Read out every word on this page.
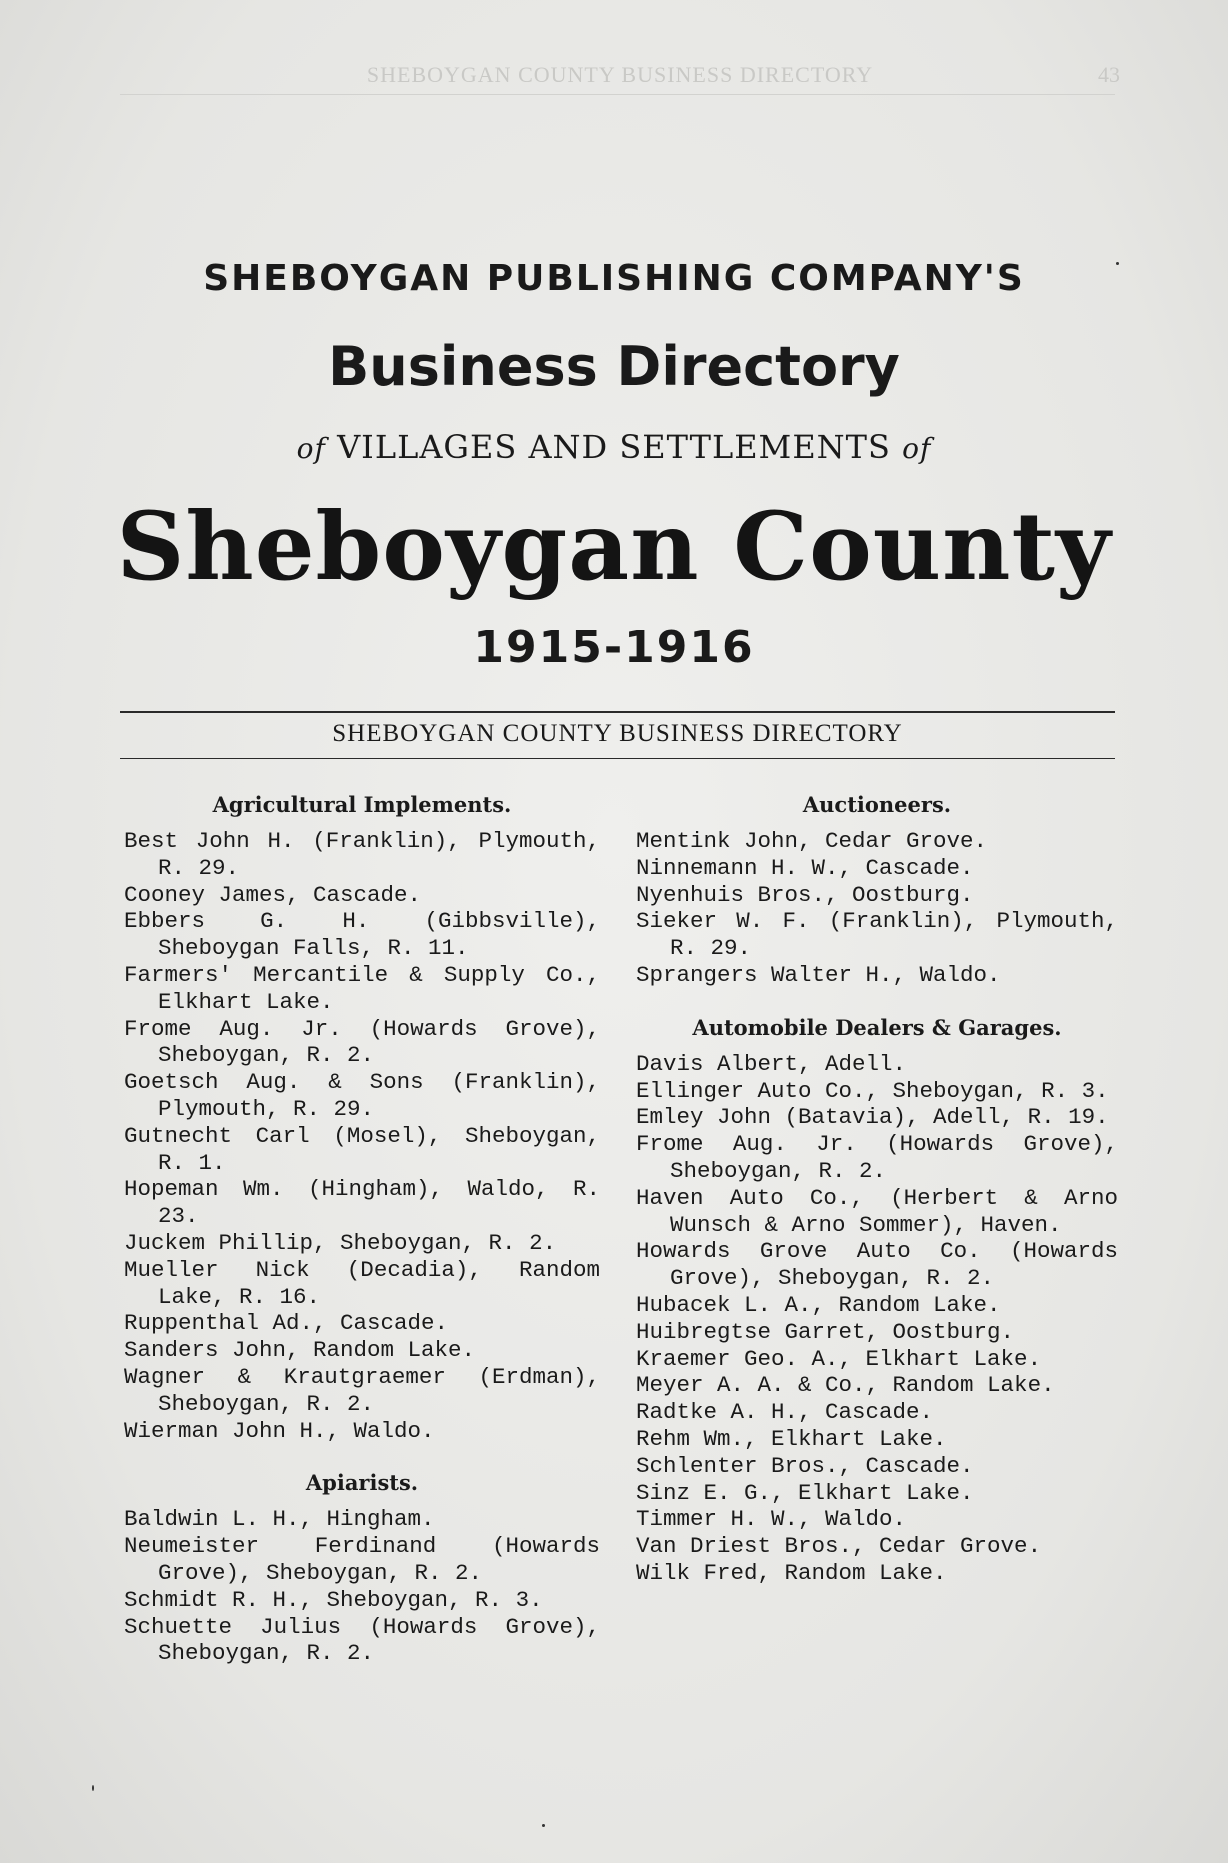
SHEBOYGAN COUNTY BUSINESS DIRECTORY	43
SHEBOYGAN PUBLISHING COMPANY'S
Business Directory
of VILLAGES AND SETTLEMENTS of
Sheboygan County
1915-1916
SHEBOYGAN COUNTY BUSINESS DIRECTORY
Agricultural Implements.

Best John H. (Franklin), Plymouth, R. 29.

Cooney James, Cascade.

Ebbers G. H. (Gibbsville), Sheboygan Falls, R. 11.

Farmers' Mercantile & Supply Co., Elkhart Lake.

Frome Aug. Jr. (Howards Grove), Sheboygan, R. 2.

Goetsch Aug. & Sons (Franklin), Plymouth, R. 29.

Gutnecht Carl (Mosel), Sheboygan, R. 1.

Hopeman Wm. (Hingham), Waldo, R. 23.

Juckem Phillip, Sheboygan, R. 2.

Mueller Nick (Decadia), Random Lake, R. 16.

Ruppenthal Ad., Cascade.

Sanders John, Random Lake.

Wagner & Krautgraemer (Erdman), Sheboygan, R. 2.

Wierman John H., Waldo.

Apiarists.

Baldwin L. H., Hingham.

Neumeister Ferdinand (Howards Grove), Sheboygan, R. 2.

Schmidt R. H., Sheboygan, R. 3.

Schuette Julius (Howards Grove), Sheboygan, R. 2.

Auctioneers.

Mentink John, Cedar Grove.

Ninnemann H. W., Cascade.

Nyenhuis Bros., Oostburg.

Sieker W. F. (Franklin), Plymouth, R. 29.

Sprangers Walter H., Waldo.

Automobile Dealers & Garages.

Davis Albert, Adell.

Ellinger Auto Co., Sheboygan, R. 3.

Emley John (Batavia), Adell, R. 19.

Frome Aug. Jr. (Howards Grove), Sheboygan, R. 2.

Haven Auto Co., (Herbert & Arno Wunsch & Arno Sommer), Haven.

Howards Grove Auto Co. (Howards Grove), Sheboygan, R. 2.

Hubacek L. A., Random Lake.

Huibregtse Garret, Oostburg.

Kraemer Geo. A., Elkhart Lake.

Meyer A. A. & Co., Random Lake.

Radtke A. H., Cascade.

Rehm Wm., Elkhart Lake.

Schlenter Bros., Cascade.

Sinz E. G., Elkhart Lake.

Timmer H. W., Waldo.

Van Driest Bros., Cedar Grove.

Wilk Fred, Random Lake.
